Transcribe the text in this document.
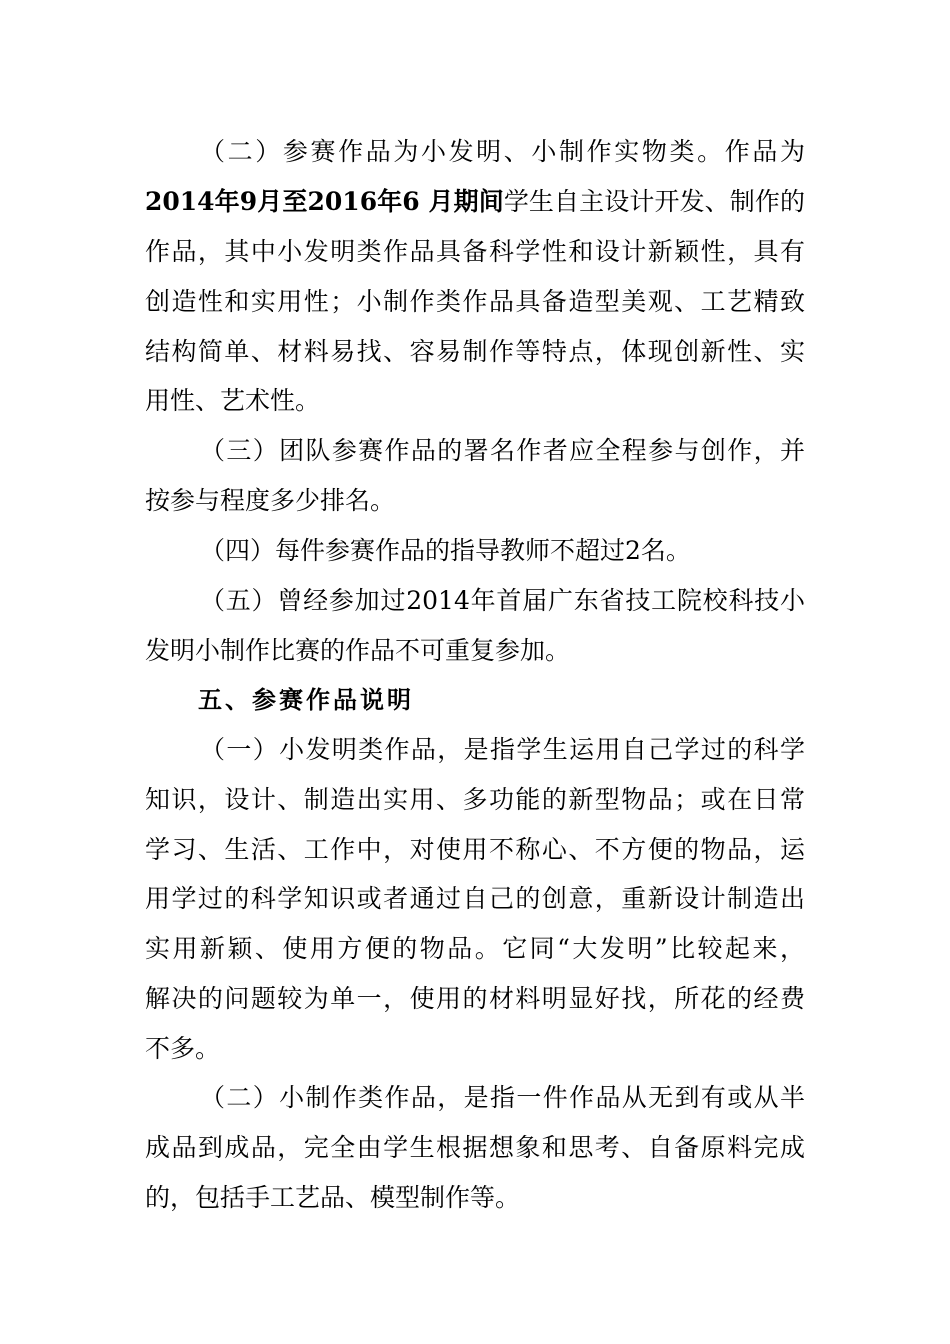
（二）参赛作品为小发明、小制作实物类。作品为
2014年9月至2016年6 月期间学生自主设计开发、制作的
作品，其中小发明类作品具备科学性和设计新颖性，具有
创造性和实用性；小制作类作品具备造型美观、工艺精致
结构简单、材料易找、容易制作等特点，体现创新性、实
用性、艺术性。
（三）团队参赛作品的署名作者应全程参与创作，并
按参与程度多少排名。
（四）每件参赛作品的指导教师不超过2名。
（五）曾经参加过2014年首届广东省技工院校科技小
发明小制作比赛的作品不可重复参加。
五、参赛作品说明
（一）小发明类作品，是指学生运用自己学过的科学
知识，设计、制造出实用、多功能的新型物品；或在日常
学习、生活、工作中，对使用不称心、不方便的物品，运
用学过的科学知识或者通过自己的创意，重新设计制造出
实用新颖、使用方便的物品。它同“大发明”比较起来，
解决的问题较为单一，使用的材料明显好找，所花的经费
不多。
（二）小制作类作品，是指一件作品从无到有或从半
成品到成品，完全由学生根据想象和思考、自备原料完成
的，包括手工艺品、模型制作等。
